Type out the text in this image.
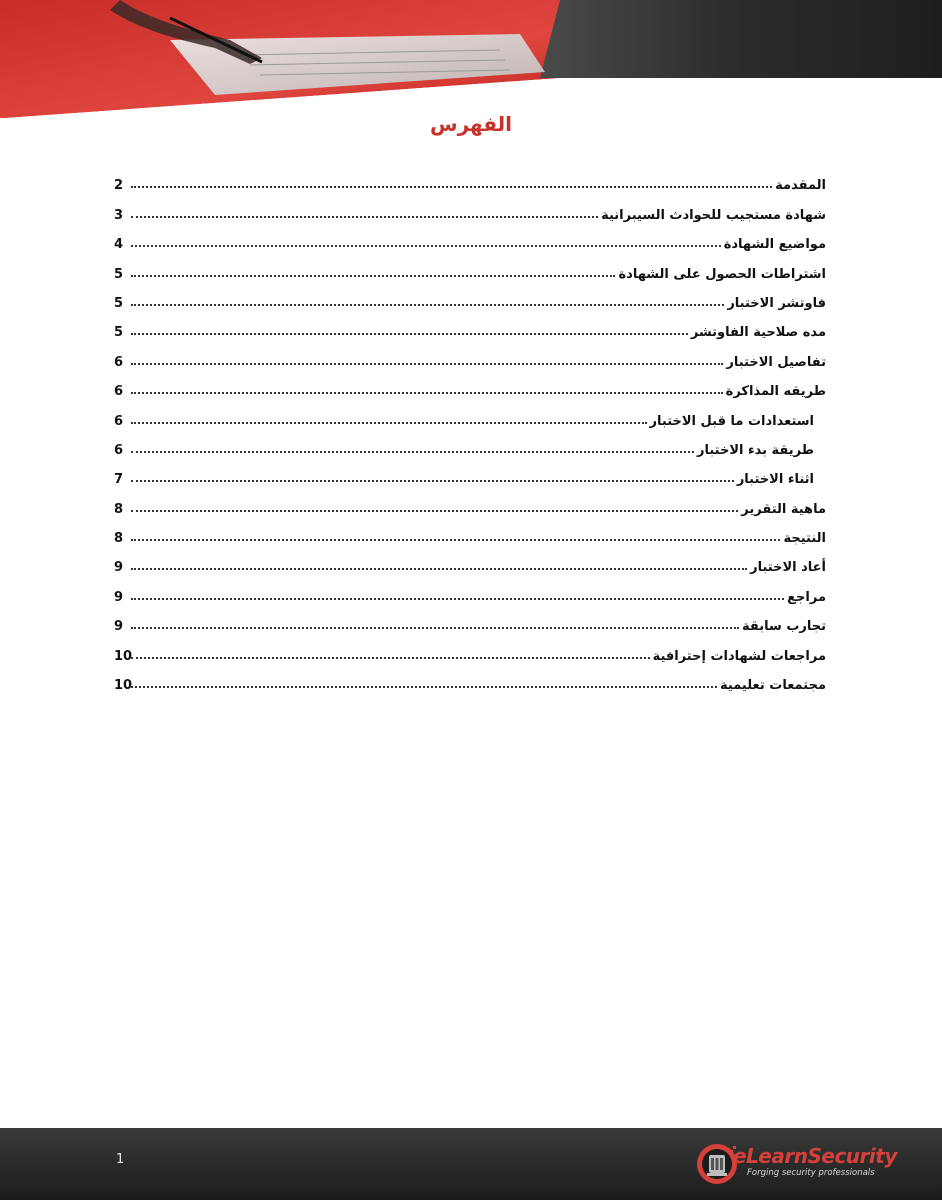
الفهرس
المقدمة
2
شهادة مستجيب للحوادث السيبرانية
3
مواضيع الشهادة
4
اشتراطات الحصول على الشهادة
5
فاوتشر الاختبار
5
مده صلاحية الفاوتشر
5
تفاصيل الاختبار
6
طريقه المذاكرة
6
استعدادات ما قبل الاختبار
6
طريقة بدء الاختبار
6
اثناء الاختبار
7
ماهية التقرير
8
النتيجة
8
أعاد الاختبار
9
مراجع
9
تجارب سابقة
9
مراجعات لشهادات إحترافية
10
مجتمعات تعليمية
10
1	eLearnSecurity
Forging security professionals
